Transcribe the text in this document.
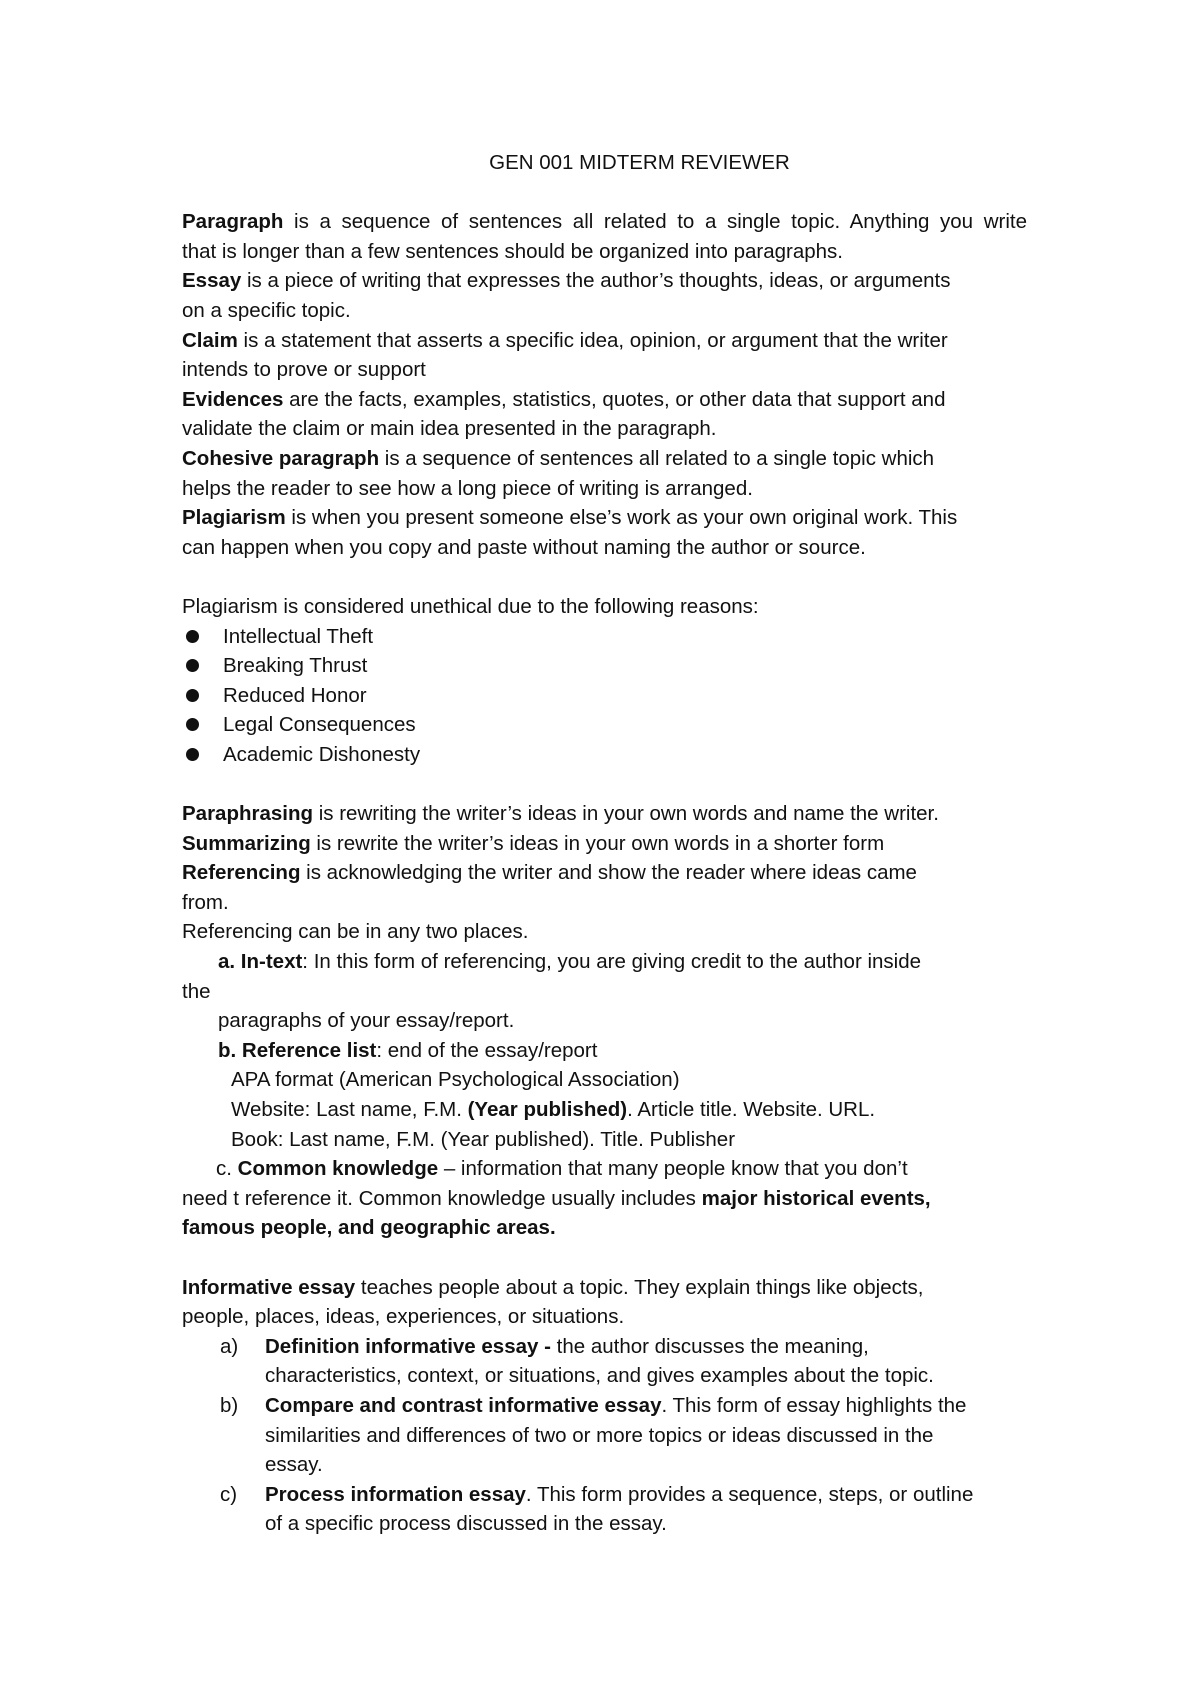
GEN 001 MIDTERM REVIEWER
Paragraph is a sequence of sentences all related to a single topic. Anything you write
that is longer than a few sentences should be organized into paragraphs.
Essay is a piece of writing that expresses the author’s thoughts, ideas, or arguments
on a specific topic.
Claim is a statement that asserts a specific idea, opinion, or argument that the writer
intends to prove or support
Evidences are the facts, examples, statistics, quotes, or other data that support and
validate the claim or main idea presented in the paragraph.
Cohesive paragraph is a sequence of sentences all related to a single topic which
helps the reader to see how a long piece of writing is arranged.
Plagiarism is when you present someone else’s work as your own original work. This
can happen when you copy and paste without naming the author or source.
Plagiarism is considered unethical due to the following reasons:
Intellectual Theft
Breaking Thrust
Reduced Honor
Legal Consequences
Academic Dishonesty
Paraphrasing is rewriting the writer’s ideas in your own words and name the writer.
Summarizing is rewrite the writer’s ideas in your own words in a shorter form
Referencing is acknowledging the writer and show the reader where ideas came
from.
Referencing can be in any two places.
a. In-text: In this form of referencing, you are giving credit to the author inside
the
paragraphs of your essay/report.
b. Reference list: end of the essay/report
APA format (American Psychological Association)
Website: Last name, F.M. (Year published). Article title. Website. URL.
Book: Last name, F.M. (Year published). Title. Publisher
c. Common knowledge – information that many people know that you don’t
need t reference it. Common knowledge usually includes major historical events,
famous people, and geographic areas.
Informative essay teaches people about a topic. They explain things like objects,
people, places, ideas, experiences, or situations.
a) Definition informative essay - the author discusses the meaning,
characteristics, context, or situations, and gives examples about the topic.
b) Compare and contrast informative essay. This form of essay highlights the
similarities and differences of two or more topics or ideas discussed in the
essay.
c) Process information essay. This form provides a sequence, steps, or outline
of a specific process discussed in the essay.
